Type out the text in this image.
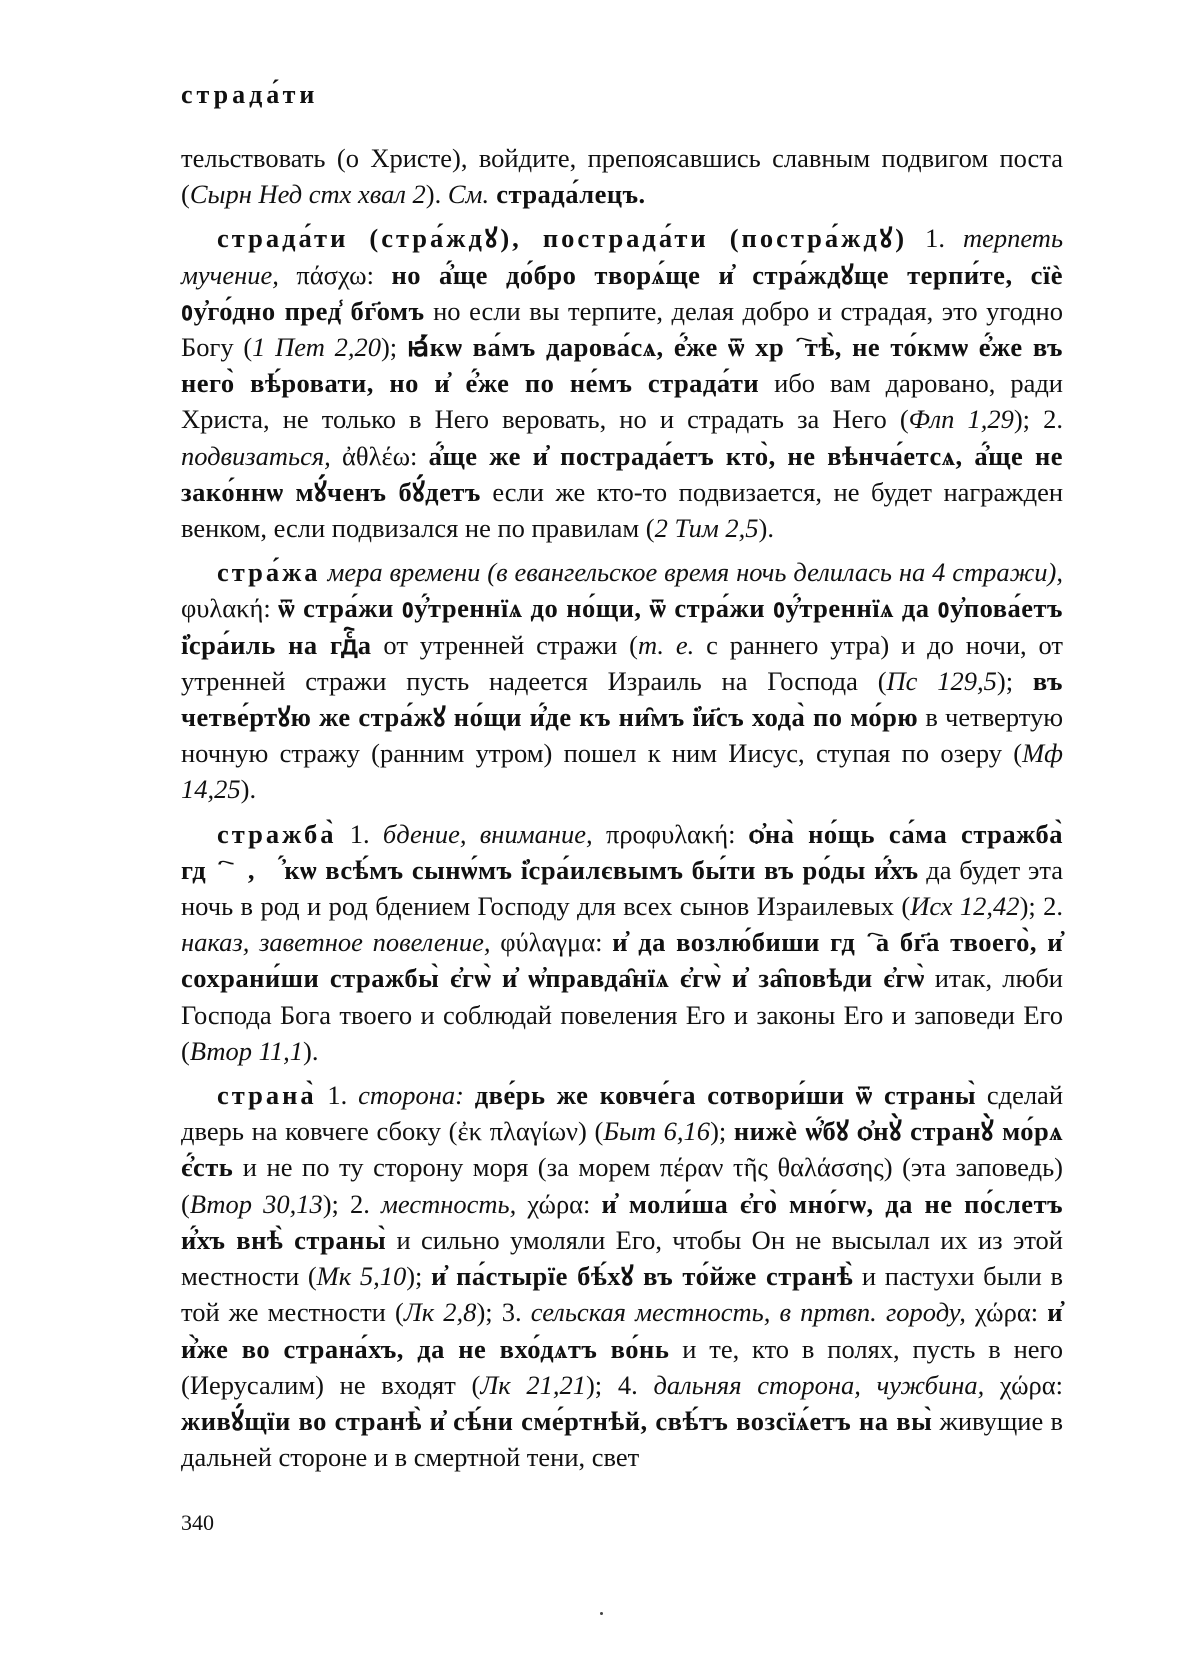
страда́ти

тельствовать (о Христе), войдите, препоясавшись славным подвигом поста (Сырн Нед стх хвал 2). См. страда́лецъ.

страда́ти (стра́ждꙋ), пострада́ти (постра́ждꙋ) 1. терпеть мучение, πάσχω: но а҆́ще до́бро творѧ́ще и҆ стра́ждꙋще терпи́те, сїѐ ᲂу҆го́дно пред̾ бг҃омъ но если вы терпите, делая добро и страдая, это угодно Богу (1 Пет 2,20); ꙗ҆́кѡ ва́мъ дарова́сѧ, е҆́же ѿ хрⷭ҇тѣ̀, не то́кмѡ е҆́же въ него̀ вѣ́ровати, но и҆ е҆́же по не́мъ страда́ти ибо вам даровано, ради Христа, не только в Него веровать, но и страдать за Него (Флп 1,29); 2. подвизаться, ἀθλέω: а҆́ще же и҆ пострада́етъ кто̀, не вѣнча́етсѧ, а҆́ще не зако́ннѡ мꙋ́ченъ бꙋ́детъ если же кто-то подвизается, не будет награжден венком, если подвизался не по правилам (2 Тим 2,5).

стра́жа мера времени (в евангельское время ночь делилась на 4 стражи), φυλακή: ѿ стра́жи ᲂу҆́треннїѧ до но́щи, ѿ стра́жи ᲂу҆́треннїѧ да ᲂу҆пова́етъ і҆сра́иль на гдⷭ҇а от утренней стражи (т. е. с раннего утра) и до ночи, от утренней стражи пусть надеется Израиль на Господа (Пс 129,5); въ четве́ртꙋю же стра́жꙋ но́щи и҆́де къ ни̑мъ і҆и҃съ хода̀ по мо́рю в четвертую ночную стражу (ранним утром) пошел к ним Иисус, ступая по озеру (Мф 14,25).

стражба̀ 1. бдение, внимание, προφυλακή: ѻ҆на̀ но́щь са́ма стражба̀ гдⷭ҇ꙋ, ꙗ҆́кѡ всѣ́мъ сынѡ́мъ і҆сра́илєвымъ бы́ти въ ро́ды и҆́хъ да будет эта ночь в род и род бдением Господу для всех сынов Израилевых (Исх 12,42); 2. наказ, заветное повеление, φύλαγμα: и҆ да возлю́биши гдⷭ҇а бг҃а твоего̀, и҆ сохрани́ши стражбы̀ є҆гѡ̀ и҆ ѡ҆правда̑нїѧ є҆гѡ̀ и҆ за̑повѣди є҆гѡ̀ итак, люби Господа Бога твоего и соблюдай повеления Его и законы Его и заповеди Его (Втор 11,1).

страна̀ 1. сторона: две́рь же ковче́га сотвори́ши ѿ страны̀ сделай дверь на ковчеге сбоку (ἐκ πλαγίων) (Быт 6,16); нижѐ ѡ҆́бꙋ ѻ҆нꙋ̀ странꙋ̀ мо́рѧ є҆́сть и не по ту сторону моря (за морем πέραν τῆς θαλάσσης) (эта заповедь) (Втор 30,13); 2. местность, χώρα: и҆ моли́ша є҆го̀ мно́гѡ, да не по́слетъ и҆́хъ внѣ̀ страны̀ и сильно умоляли Его, чтобы Он не высылал их из этой местности (Мк 5,10); и҆ па́стырїе бѣ́хꙋ въ то́йже странѣ̀ и пастухи были в той же местности (Лк 2,8); 3. сельская местность, в пртвп. городу, χώρα: и҆ и҆̀же во страна́хъ, да не вхо́дѧтъ во́нь и те, кто в полях, пусть в него (Иерусалим) не входят (Лк 21,21); 4. дальняя сторона, чужбина, χώρα: живꙋ́щїи во странѣ̀ и҆ сѣ́ни сме́ртнѣй, свѣ́тъ возсїѧ́етъ на вы̀ живущие в дальней стороне и в смертной тени, свет

340
